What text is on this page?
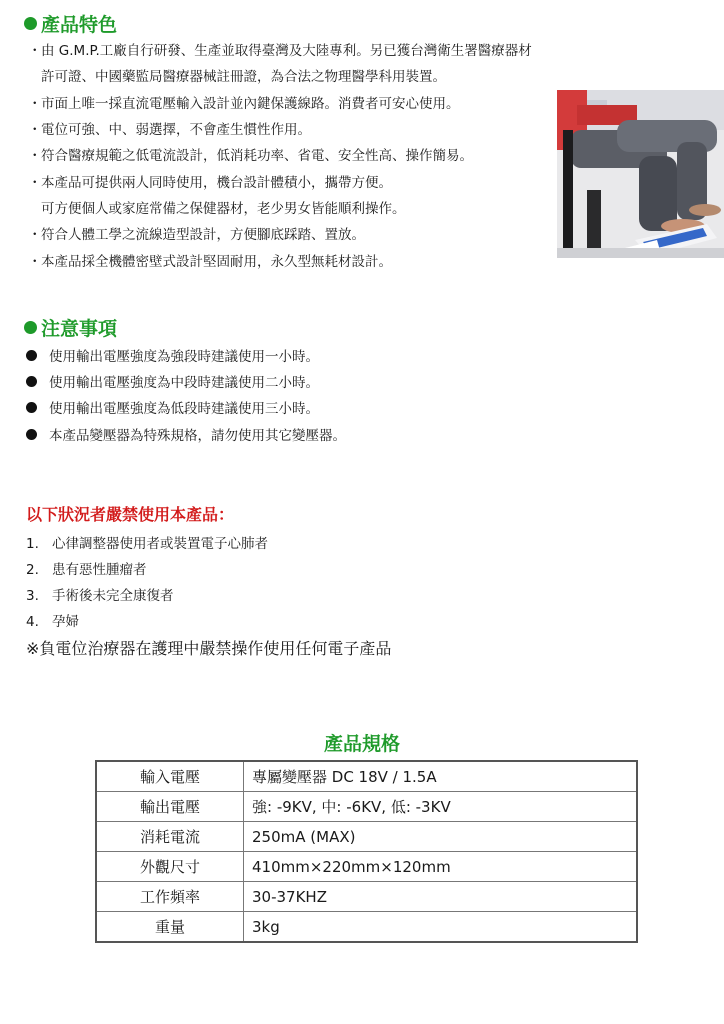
產品特色
・由 G.M.P.工廠自行研發、生產並取得臺灣及大陸專利。另已獲台灣衛生署醫療器材
許可證、中國藥監局醫療器械註冊證，為合法之物理醫學科用裝置。
・市面上唯一採直流電壓輸入設計並內鍵保護線路。消費者可安心使用。
・電位可強、中、弱選擇，不會產生慣性作用。
・符合醫療規範之低電流設計，低消耗功率、省電、安全性高、操作簡易。
・本產品可提供兩人同時使用，機台設計體積小，攜帶方便。
可方便個人或家庭常備之保健器材，老少男女皆能順利操作。
・符合人體工學之流線造型設計，方便腳底踩踏、置放。
・本產品採全機體密壁式設計堅固耐用，永久型無耗材設計。
注意事項
使用輸出電壓強度為強段時建議使用一小時。
使用輸出電壓強度為中段時建議使用二小時。
使用輸出電壓強度為低段時建議使用三小時。
本產品變壓器為特殊規格，請勿使用其它變壓器。
以下狀況者嚴禁使用本產品：
1. 心律調整器使用者或裝置電子心肺者
2. 患有惡性腫瘤者
3. 手術後未完全康復者
4. 孕婦
※負電位治療器在護理中嚴禁操作使用任何電子產品
產品規格
輸入電壓	專屬變壓器 DC 18V / 1.5A
輸出電壓	強: -9KV, 中: -6KV, 低: -3KV
消耗電流	250mA (MAX)
外觀尺寸	410mm×220mm×120mm
工作頻率	30-37KHZ
重量	3kg
